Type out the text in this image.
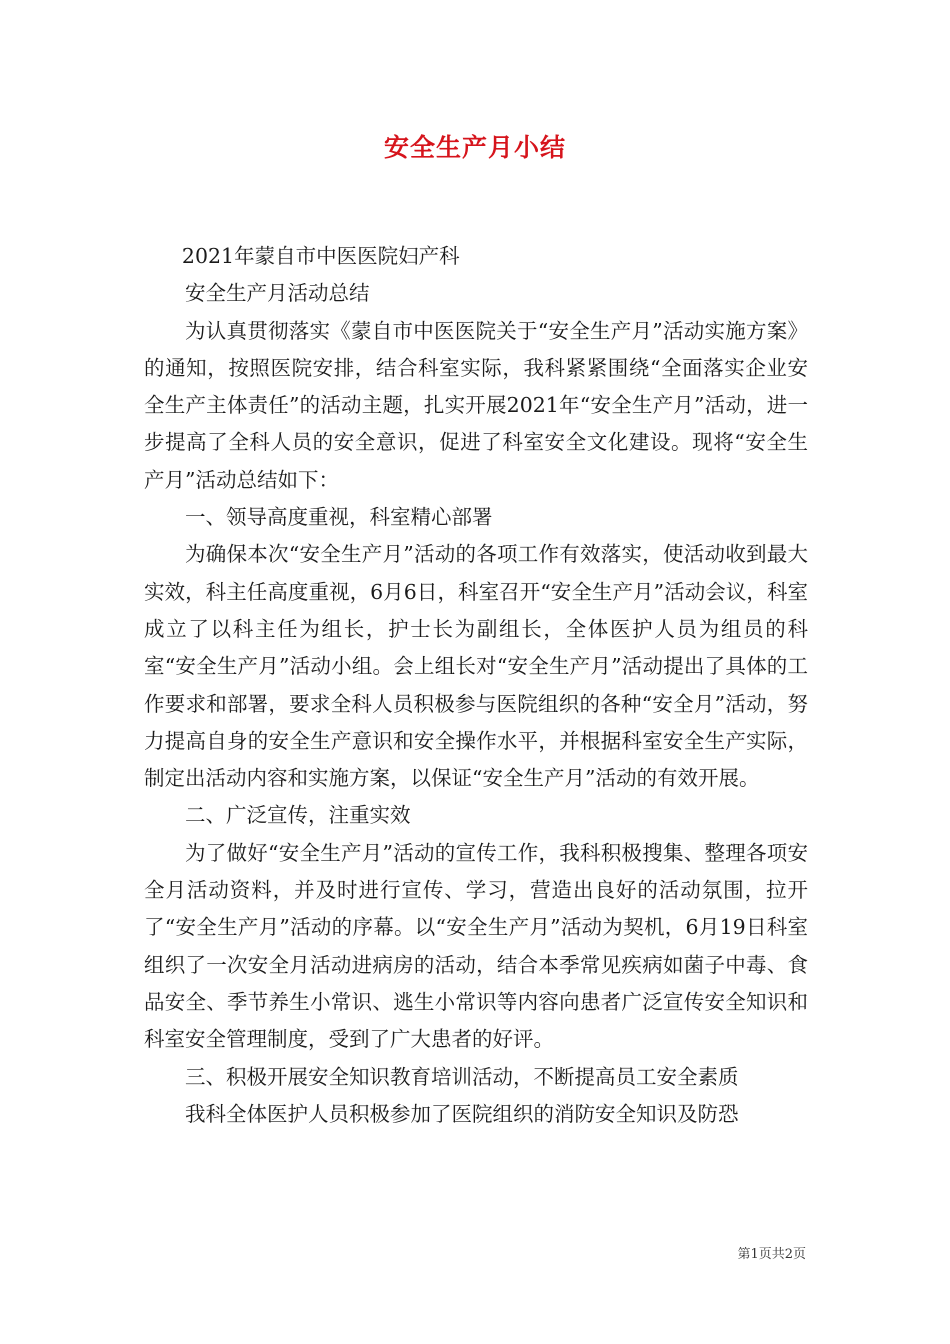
安全生产月小结

2021年蒙自市中医医院妇产科

安全生产月活动总结

为认真贯彻落实《蒙自市中医医院关于“安全生产月”活动实施方案》的通知，按照医院安排，结合科室实际，我科紧紧围绕“全面落实企业安全生产主体责任”的活动主题，扎实开展2021年“安全生产月”活动，进一步提高了全科人员的安全意识，促进了科室安全文化建设。现将“安全生产月”活动总结如下：

一、领导高度重视，科室精心部署

为确保本次“安全生产月”活动的各项工作有效落实，使活动收到最大实效，科主任高度重视，6月6日，科室召开“安全生产月”活动会议，科室成立了以科主任为组长，护士长为副组长，全体医护人员为组员的科室“安全生产月”活动小组。会上组长对“安全生产月”活动提出了具体的工作要求和部署，要求全科人员积极参与医院组织的各种“安全月”活动，努力提高自身的安全生产意识和安全操作水平，并根据科室安全生产实际，制定出活动内容和实施方案，以保证“安全生产月”活动的有效开展。

二、广泛宣传，注重实效

为了做好“安全生产月”活动的宣传工作，我科积极搜集、整理各项安全月活动资料，并及时进行宣传、学习，营造出良好的活动氛围，拉开了“安全生产月”活动的序幕。以“安全生产月”活动为契机，6月19日科室组织了一次安全月活动进病房的活动，结合本季常见疾病如菌子中毒、食品安全、季节养生小常识、逃生小常识等内容向患者广泛宣传安全知识和科室安全管理制度，受到了广大患者的好评。

三、积极开展安全知识教育培训活动，不断提高员工安全素质

我科全体医护人员积极参加了医院组织的消防安全知识及防恐

第1页共2页
